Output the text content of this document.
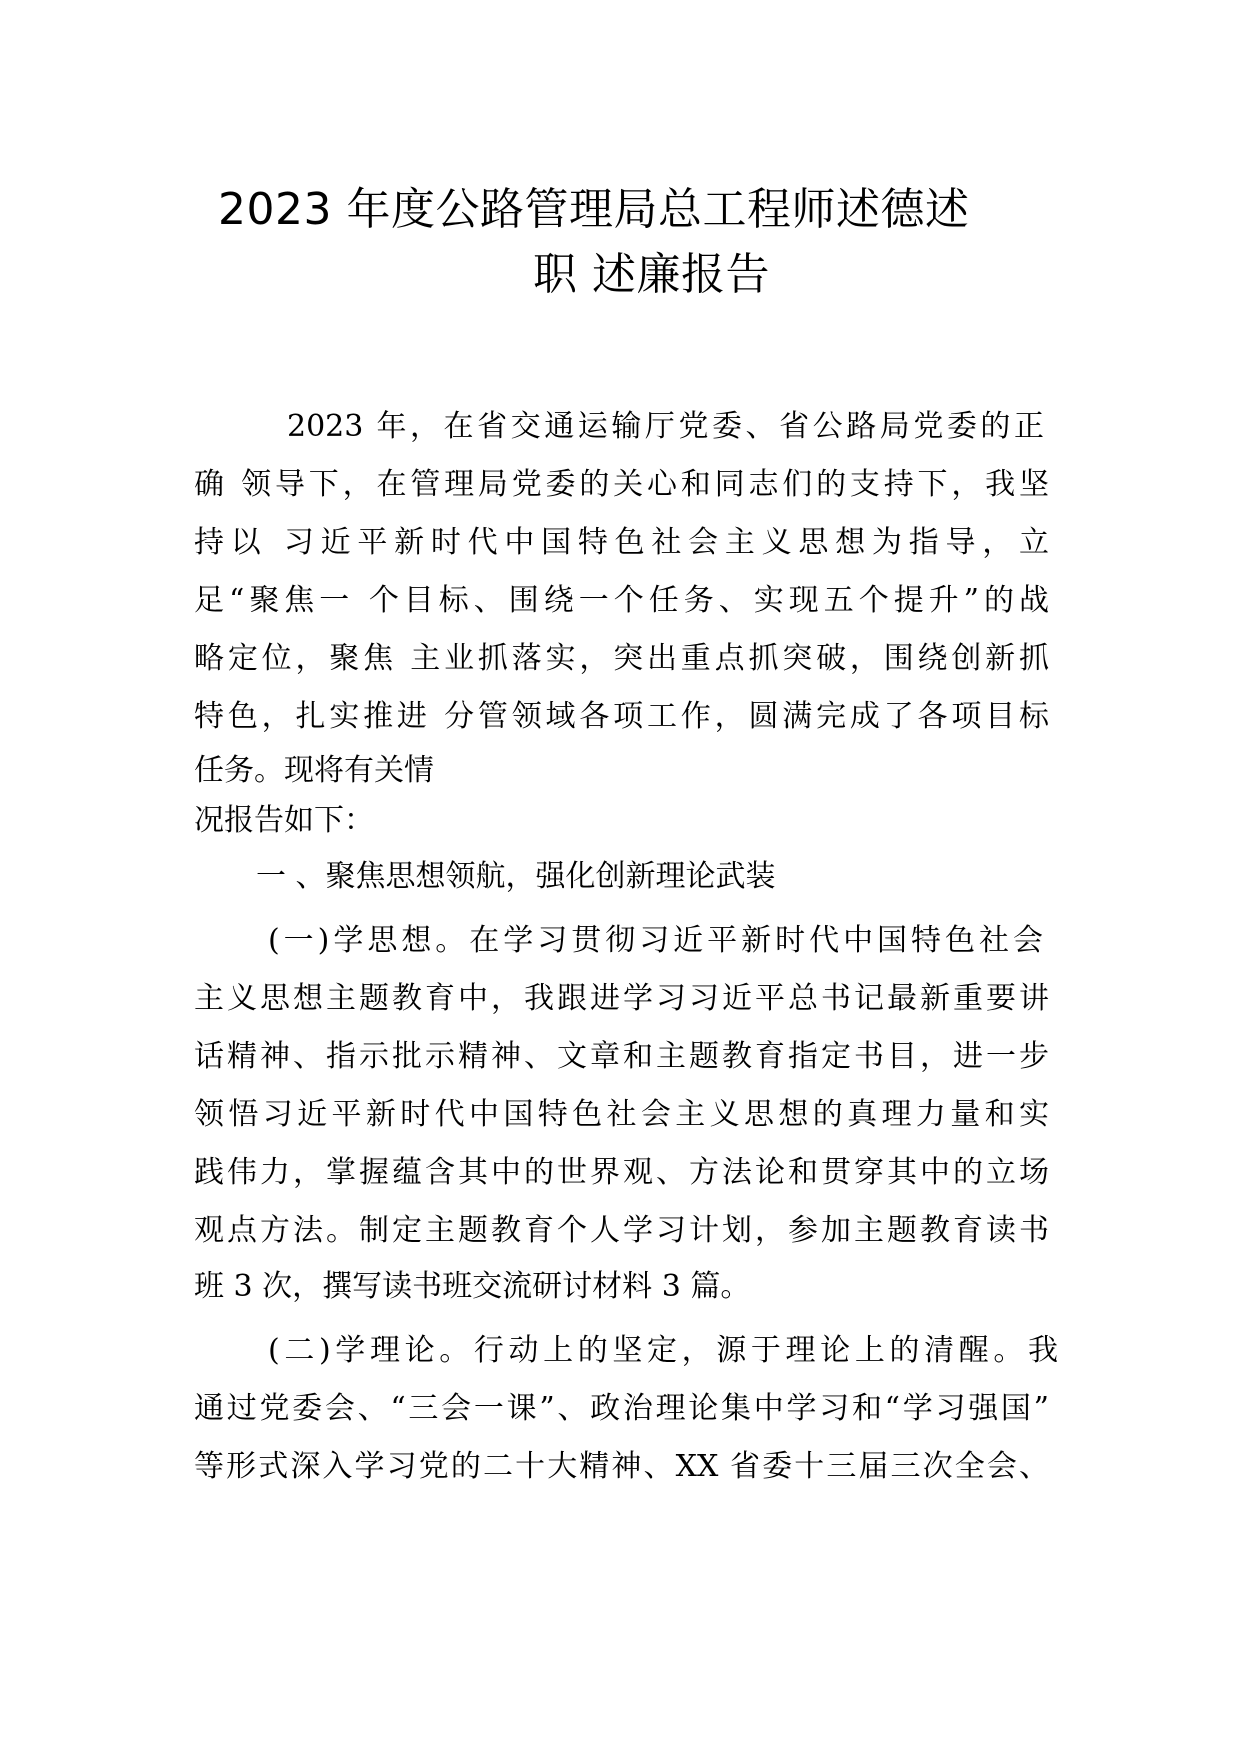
2023 年度公路管理局总工程师述德述
职 述廉报告
2023 年，在省交通运输厅党委、省公路局党委的正
确 领导下，在管理局党委的关心和同志们的支持下，我坚
持以 习近平新时代中国特色社会主义思想为指导，立
足“聚焦一 个目标、围绕一个任务、实现五个提升”的战
略定位，聚焦 主业抓落实，突出重点抓突破，围绕创新抓
特色，扎实推进 分管领域各项工作，圆满完成了各项目标
任务。现将有关情
况报告如下：
一 、聚焦思想领航，强化创新理论武装
(一)学思想。在学习贯彻习近平新时代中国特色社会
主义思想主题教育中，我跟进学习习近平总书记最新重要讲
话精神、指示批示精神、文章和主题教育指定书目，进一步
领悟习近平新时代中国特色社会主义思想的真理力量和实
践伟力，掌握蕴含其中的世界观、方法论和贯穿其中的立场
观点方法。制定主题教育个人学习计划，参加主题教育读书
班 3 次，撰写读书班交流研讨材料 3 篇。
(二)学理论。行动上的坚定，源于理论上的清醒。我
通过党委会、“三会一课”、政治理论集中学习和“学习强国”
等形式深入学习党的二十大精神、XX 省委十三届三次全会、
